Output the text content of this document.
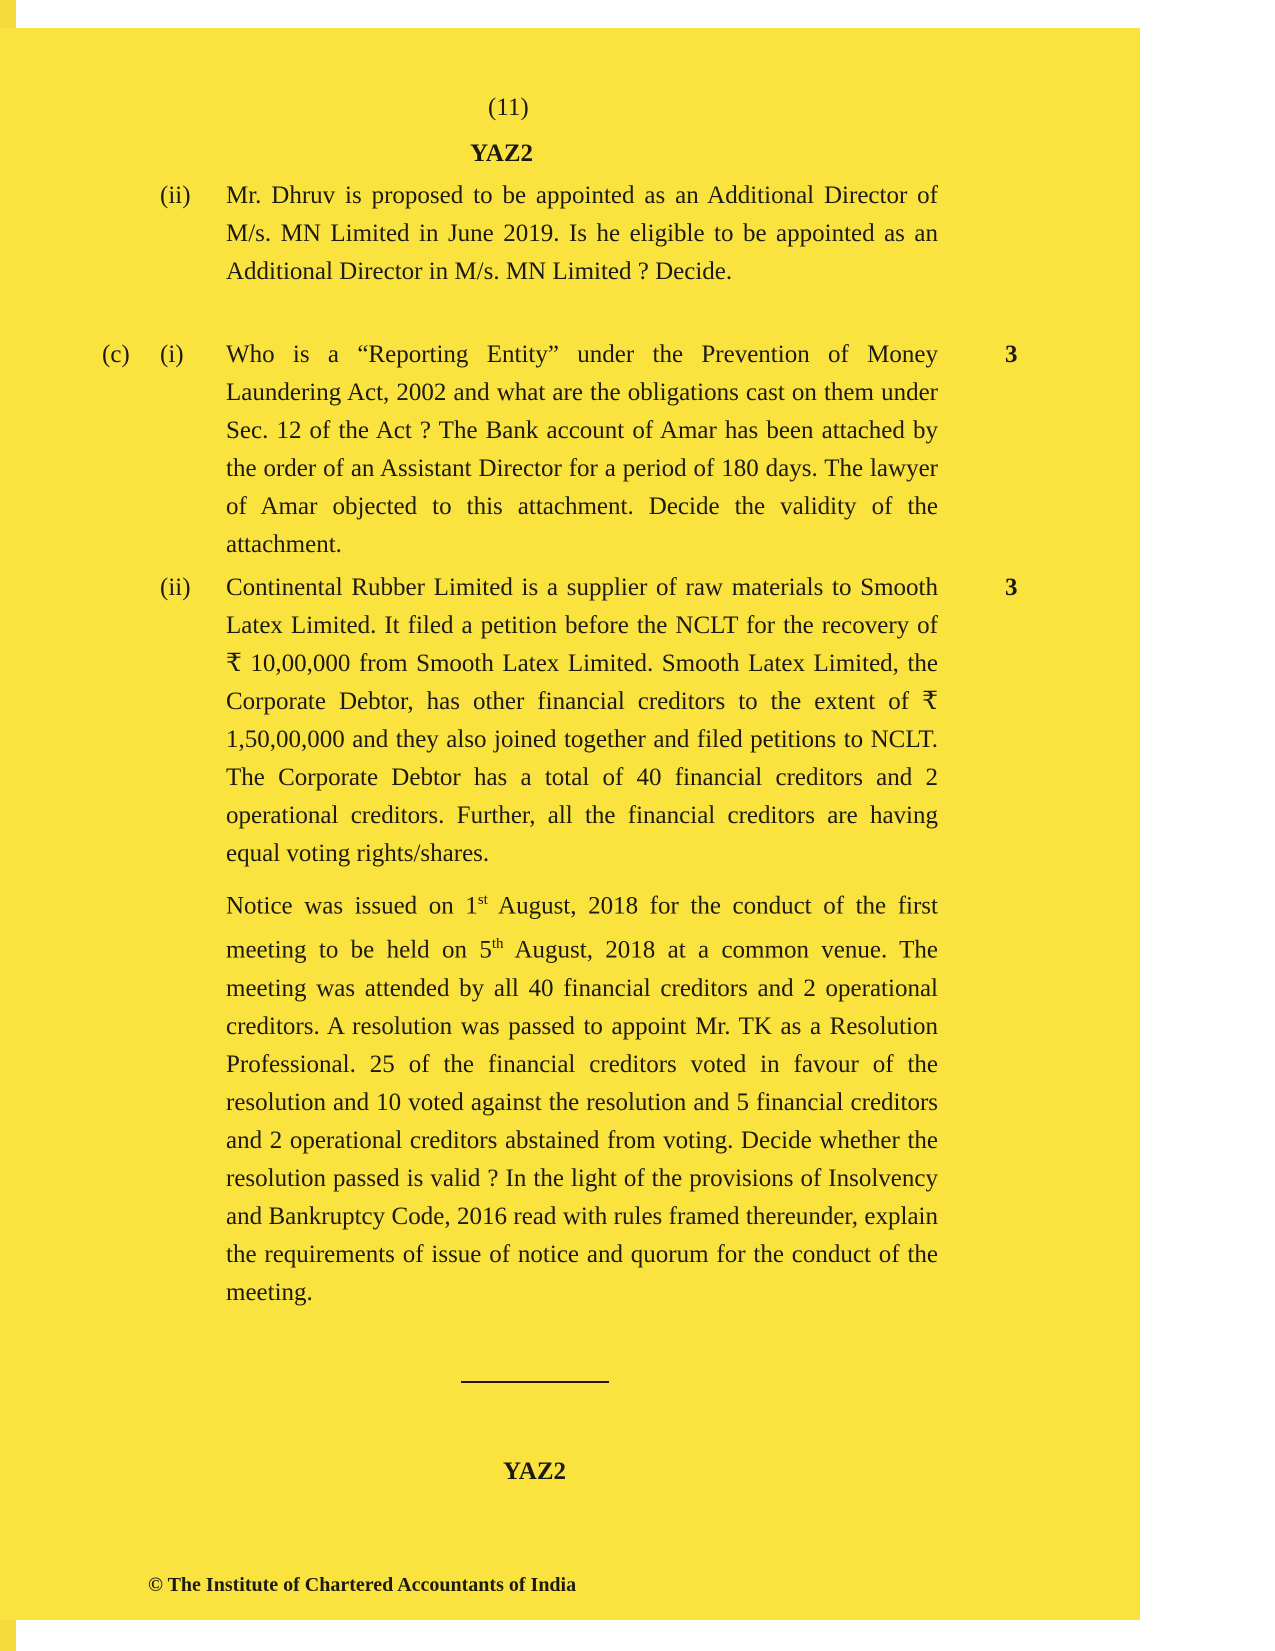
(11)
YAZ2
(ii) Mr. Dhruv is proposed to be appointed as an Additional Director of M/s. MN Limited in June 2019. Is he eligible to be appointed as an Additional Director in M/s. MN Limited ? Decide.
(c) (i) Who is a “Reporting Entity” under the Prevention of Money Laundering Act, 2002 and what are the obligations cast on them under Sec. 12 of the Act ? The Bank account of Amar has been attached by the order of an Assistant Director for a period of 180 days. The lawyer of Amar objected to this attachment. Decide the validity of the attachment.
3
(ii) Continental Rubber Limited is a supplier of raw materials to Smooth Latex Limited. It filed a petition before the NCLT for the recovery of ₹ 10,00,000 from Smooth Latex Limited. Smooth Latex Limited, the Corporate Debtor, has other financial creditors to the extent of ₹ 1,50,00,000 and they also joined together and filed petitions to NCLT. The Corporate Debtor has a total of 40 financial creditors and 2 operational creditors. Further, all the financial creditors are having equal voting rights/shares.
3
Notice was issued on 1st August, 2018 for the conduct of the first meeting to be held on 5th August, 2018 at a common venue. The meeting was attended by all 40 financial creditors and 2 operational creditors. A resolution was passed to appoint Mr. TK as a Resolution Professional. 25 of the financial creditors voted in favour of the resolution and 10 voted against the resolution and 5 financial creditors and 2 operational creditors abstained from voting. Decide whether the resolution passed is valid ? In the light of the provisions of Insolvency and Bankruptcy Code, 2016 read with rules framed thereunder, explain the requirements of issue of notice and quorum for the conduct of the meeting.
YAZ2
© The Institute of Chartered Accountants of India
